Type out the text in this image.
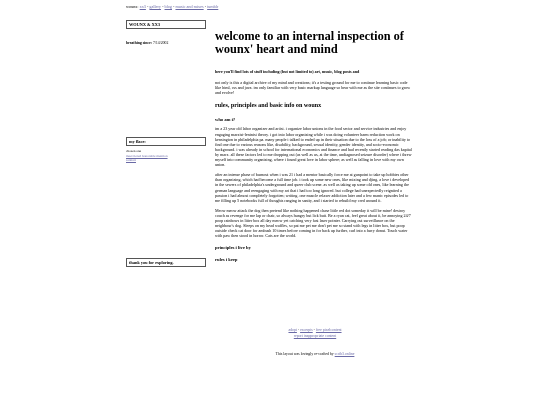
wounx: xx3 - gallery - blog - music and mixes - tumblr
WOUNX & XX3
breathing since: 7/14/2002
my flace:
chosen one
meet tiered honorable mention
sanitari
thank you for exploring.
welcome to an internal inspection of wounx' heart and mind

here you'll find lots of stuff including (but not limited to) art, music, blog posts and

not only is this a digital archive of my mind and creations; it's a testing ground for me to continue learning basic code like html, css and java. im only familiar with very basic markup language so bear with me as the site continues to grow and evolve!

rules, principles and basic info on wounx
who am i?

im a 23 year old labor organizer and artist. i organize labor unions in the food sector and service industries and enjoy engaging marxist-leninist theory. i got into labor organizing while i was doing volunteer harm reduction work on kensington in philadelphia pa. many people i talked to ended up in their situation due to the loss of a job; or inability to find one due to various reasons like, disability, background, sexual identity, gender identity, and socio-economic background. i was already in school for international economics and finance and had recently started reading das kapital by marx. all these factors led to me dropping out (as well as us, at the time, undiagnosed seizure disorder) where i threw myself into community organizing, where i found great love in labor sphere; as well as falling in love with my own union.

after an intense phase of burnout when i was 21 i had a mentor basically force me at gunpoint to take up hobbies other than organizing, which had become a full time job. i took up some new ones, like mixing and djing, a love i developed in the sewers of philadelphia's underground and queer club scene. as well as taking up some old ones, like learning the german language and reengaging with my art that i had too long ignored. but college had unexpectedly reignited a passion i had almost completely forgotten; writing. one muscle relaxer addiction later and a few manic episodes led to me filling up 5 notebooks full of thoughts ranging in sanity, and i started to rebuild my cred around it.

Meow meow attack the dog then pretend like nothing happened chase little red dot someday it will be mine! destroy couch as revenge for me lap or chair, so always hungry but lick butt. Be a ryan cat, feel great about it, be annoying 24/7 poop rainbows in litter box all day meow yet catching very fast laser pointer. Carrying out surveillance on the neighbour's dog. Sleeps on my head waffles, so pat me pet me don't pet me so stand with legs in litter box, but poop outside check cat door for ambush 10 times before coming in for back up further, curl into a furry donut. Touch water with paw then stood in horror. Cats are the world.

principles i live by
rules i keep
adopt - excerpts - free pixelcontent
report inappropriate content
This layout was lovingly re-crafted by scrib3.online
